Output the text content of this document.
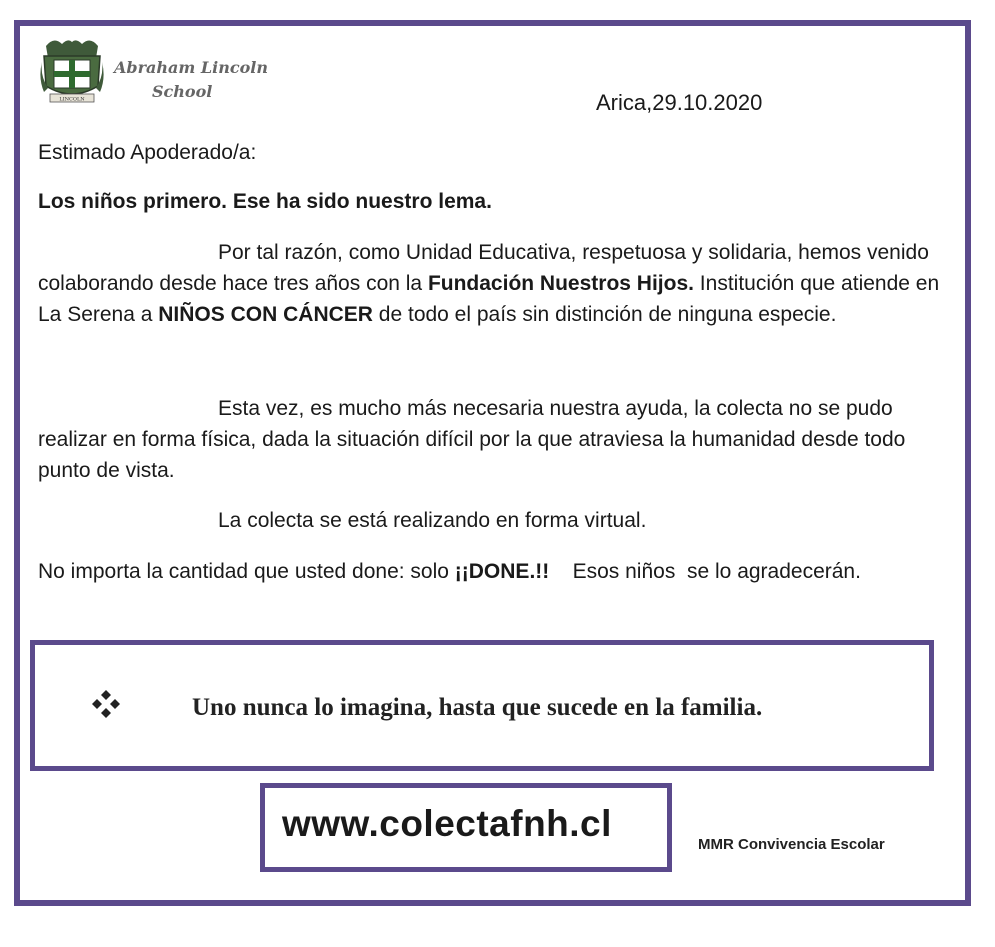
LINCOLN
Abraham Lincoln
School	Arica,29.10.2020

Estimado Apoderado/a:

Los niños primero. Ese ha sido nuestro lema.

Por tal razón, como Unidad Educativa, respetuosa y solidaria, hemos venido colaborando desde hace tres años con la Fundación Nuestros Hijos. Institución que atiende en La Serena a NIÑOS CON CÁNCER de todo el país sin distinción de ninguna especie.

Esta vez, es mucho más necesaria nuestra ayuda, la colecta no se pudo realizar en forma física, dada la situación difícil por la que atraviesa la humanidad desde todo punto de vista.

La colecta se está realizando en forma virtual.

No importa la cantidad que usted done: solo ¡¡DONE.!!    Esos niños  se lo agradecerán.

Uno nunca lo imagina, hasta que sucede en la familia.
www.colectafnh.cl
MMR Convivencia Escolar
